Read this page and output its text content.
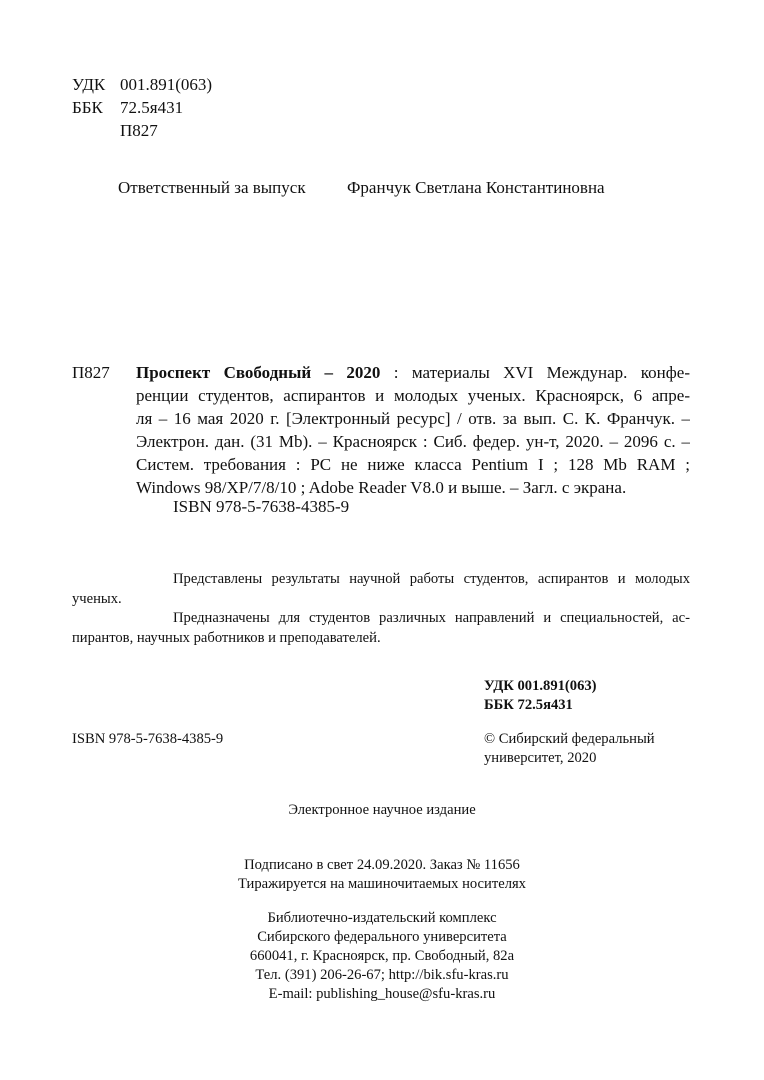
УДК 001.891(063)
ББК	72.5я431
П827
Ответственный за выпуск Франчук Светлана Константиновна
П827 Проспект Свободный – 2020 : материалы XVI Междунар. конфе-
ренции студентов, аспирантов и молодых ученых. Красноярск, 6 апре-
ля – 16 мая 2020 г. [Электронный ресурс] / отв. за вып. С. К. Франчук. –
Электрон. дан. (31 Mb). – Красноярск : Сиб. федер. ун-т, 2020. – 2096 с. –
Систем. требования : PC не ниже класса Pentium I ; 128 Mb RAM ;
Windows 98/XP/7/8/10 ; Adobe Reader V8.0 и выше. – Загл. с экрана.
ISBN 978-5-7638-4385-9
Представлены результаты научной работы студентов, аспирантов и молодых
ученых.
Предназначены для студентов различных направлений и специальностей, ас-
пирантов, научных работников и преподавателей.
УДК 001.891(063)
ББК 72.5я431
ISBN 978-5-7638-4385-9	© Сибирский федеральный
университет, 2020
Электронное научное издание
Подписано в свет 24.09.2020. Заказ № 11656
Тиражируется на машиночитаемых носителях
Библиотечно-издательский комплекс
Сибирского федерального университета
660041, г. Красноярск, пр. Свободный, 82а
Тел. (391) 206-26-67; http://bik.sfu-kras.ru
E-mail: publishing_house@sfu-kras.ru
